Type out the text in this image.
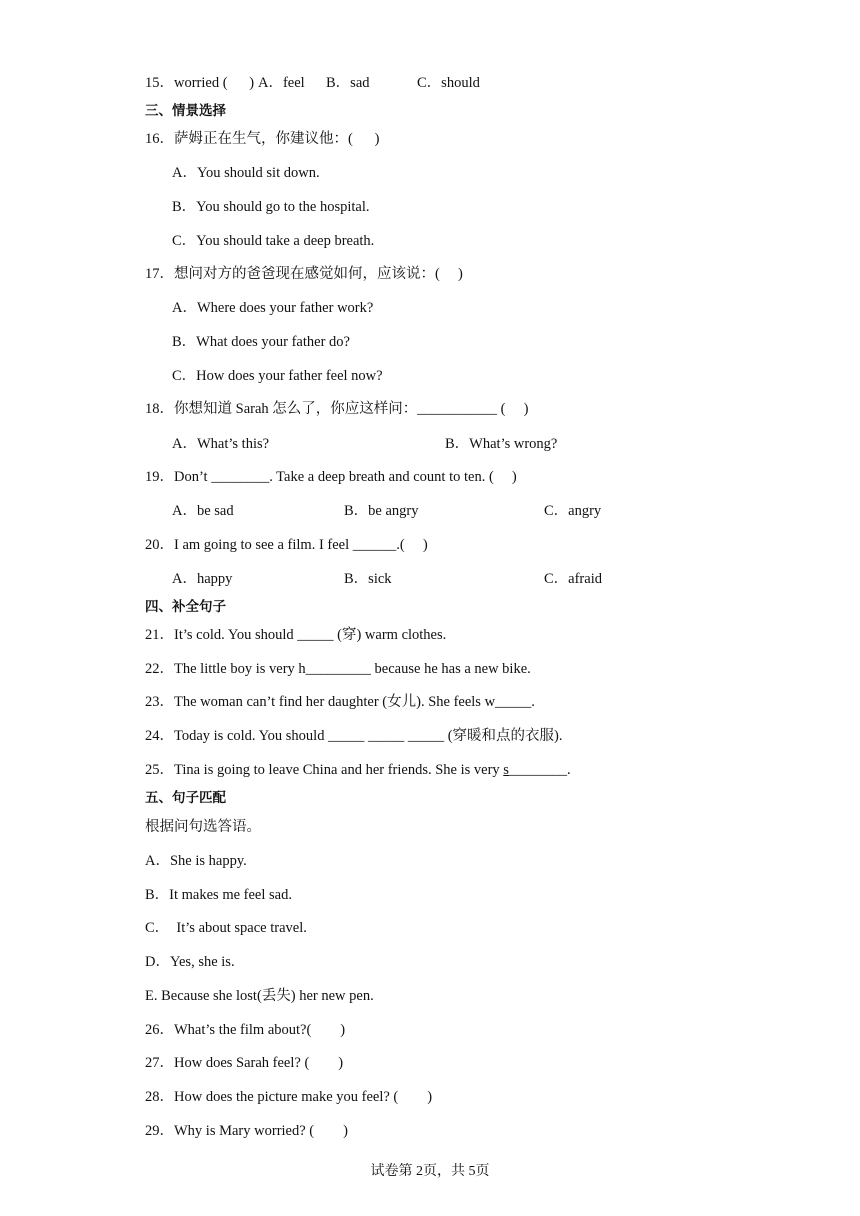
15． worried (      ) A．feel B．sad	C．should
三、情景选择
16．萨姆正在生气，你建议他：(      )
A．You should sit down.
B．You should go to the hospital.
C．You should take a deep breath.
17．想问对方的爸爸现在感觉如何，应该说：(     )
A．Where does your father work?
B．What does your father do?
C．How does your father feel now?
18．你想知道 Sarah 怎么了，你应这样问：___________ (     )
A．What’s this?	B．What’s wrong?
19．Don’t ________. Take a deep breath and count to ten. (     )
A．be sad	B．be angry	C．angry
20．I am going to see a film. I feel ______.(     )
A．happy	B．sick	C．afraid
四、补全句子
21．It’s cold. You should _____ (穿) warm clothes.
22．The little boy is very h_________ because he has a new bike.
23．The woman can’t find her daughter (女儿). She feels w_____.
24．Today is cold. You should _____ _____ _____ (穿暖和点的衣服).
25．Tina is going to leave China and her friends. She is very s________.
五、句子匹配
根据问句选答语。
A．She is happy.
B．It makes me feel sad.
C．  It’s about space travel.
D．Yes, she is.
E. Because she lost(丢失) her new pen.
26．What’s the film about?(        )
27．How does Sarah feel? (        )
28．How does the picture make you feel? (        )
29．Why is Mary worried? (        )
试卷第 2页，共 5页
